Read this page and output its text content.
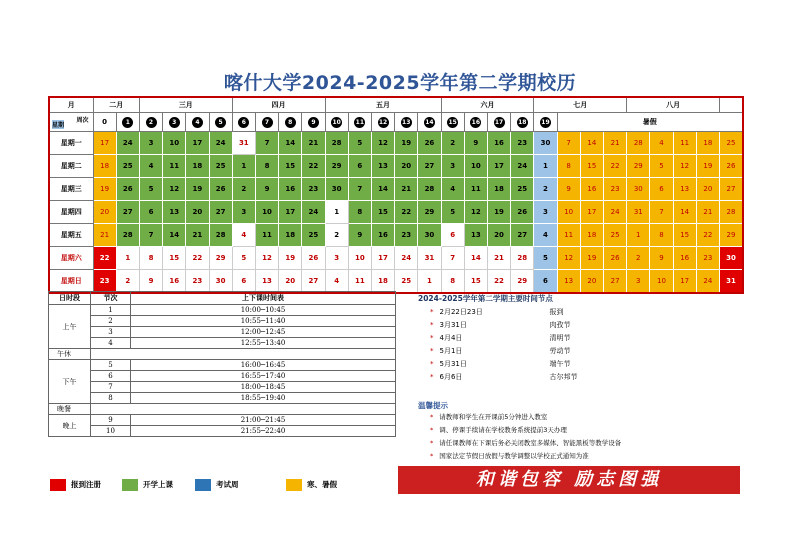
喀什大学2024-2025学年第二学期校历
月	二月		三月				四月				五月					六月				七月				八月				

周次
星期	0	1	2	3	4	5	6	7	8	9	10	11	12	13	14	15	16	17	18	19	暑假							
星期一	17	24	3	10	17	24	31	7	14	21	28	5	12	19	26	2	9	16	23	30	7	14	21	28	4	11	18	25
星期二	18	25	4	11	18	25	1	8	15	22	29	6	13	20	27	3	10	17	24	1	8	15	22	29	5	12	19	26
星期三	19	26	5	12	19	26	2	9	16	23	30	7	14	21	28	4	11	18	25	2	9	16	23	30	6	13	20	27
星期四	20	27	6	13	20	27	3	10	17	24	1	8	15	22	29	5	12	19	26	3	10	17	24	31	7	14	21	28
星期五	21	28	7	14	21	28	4	11	18	25	2	9	16	23	30	6	13	20	27	4	11	18	25	1	8	15	22	29
星期六	22	1	8	15	22	29	5	12	19	26	3	10	17	24	31	7	14	21	28	5	12	19	26	2	9	16	23	30
星期日	23	2	9	16	23	30	6	13	20	27	4	11	18	25	1	8	15	22	29	6	13	20	27	3	10	17	24	31
日时段	节次	上下课时间表
上午	1	10:00─10:45
	2	10:55─11:40
	3	12:00─12:45
	4	12:55─13:40
午休		
下午	5	16:00─16:45
	6	16:55─17:40
	7	18:00─18:45
	8	18:55─19:40
晚餐		
晚上	9	21:00─21:45
	10	21:55─22:40
2024-2025学年第二学期主要时间节点
* 2月22日23日	报到
* 3月31日	肉孜节
* 4月4日	清明节
* 5月1日	劳动节
* 5月31日	端午节
* 6月6日	古尔邦节
温馨提示
* 请教师和学生在开课前5分钟进入教室
* 调、停课手续请在学校教务系统提前3天办理
* 请任课教师在下课后务必关闭教室多媒体、智能黑板等教学设备
* 国家法定节假日放假与教学调整以学校正式通知为准
和谐包容 励志图强
报到注册	开学上课	考试周	寒、暑假
